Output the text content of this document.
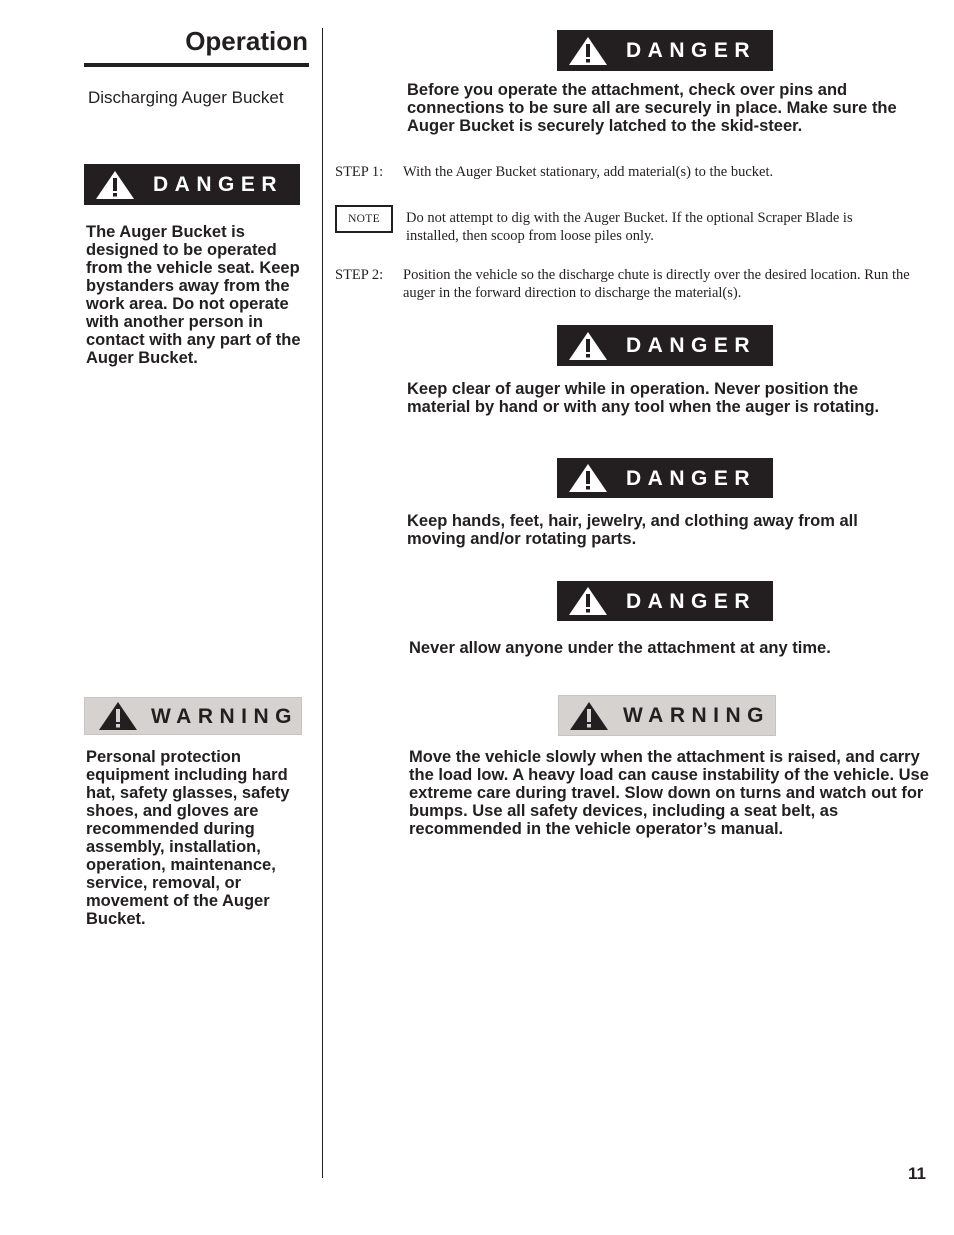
Operation
Discharging Auger Bucket
DANGER
The Auger Bucket is designed to be operated from the vehicle seat. Keep bystanders away from the work area. Do not operate with another person in contact with any part of the Auger Bucket.
WARNING
Personal protection equipment including hard hat, safety glasses, safety shoes, and gloves are recommended during assembly, installation, operation, maintenance, service, removal, or movement of the Auger Bucket.
DANGER
Before you operate the attachment, check over pins and connections to be sure all are securely in place. Make sure the Auger Bucket is securely latched to the skid-steer.
STEP 1: With the Auger Bucket stationary, add material(s) to the bucket.
NOTE	Do not attempt to dig with the Auger Bucket. If the optional Scraper Blade is installed, then scoop from loose piles only.
STEP 2: Position the vehicle so the discharge chute is directly over the desired location. Run the auger in the forward direction to discharge the material(s).
DANGER
Keep clear of auger while in operation. Never position the material by hand or with any tool when the auger is rotating.
DANGER
Keep hands, feet, hair, jewelry, and clothing away from all moving and/or rotating parts.
DANGER
Never allow anyone under the attachment at any time.
WARNING
Move the vehicle slowly when the attachment is raised, and carry the load low. A heavy load can cause instability of the vehicle. Use extreme care during travel. Slow down on turns and watch out for bumps. Use all safety devices, including a seat belt, as recommended in the vehicle operator’s manual.
11
